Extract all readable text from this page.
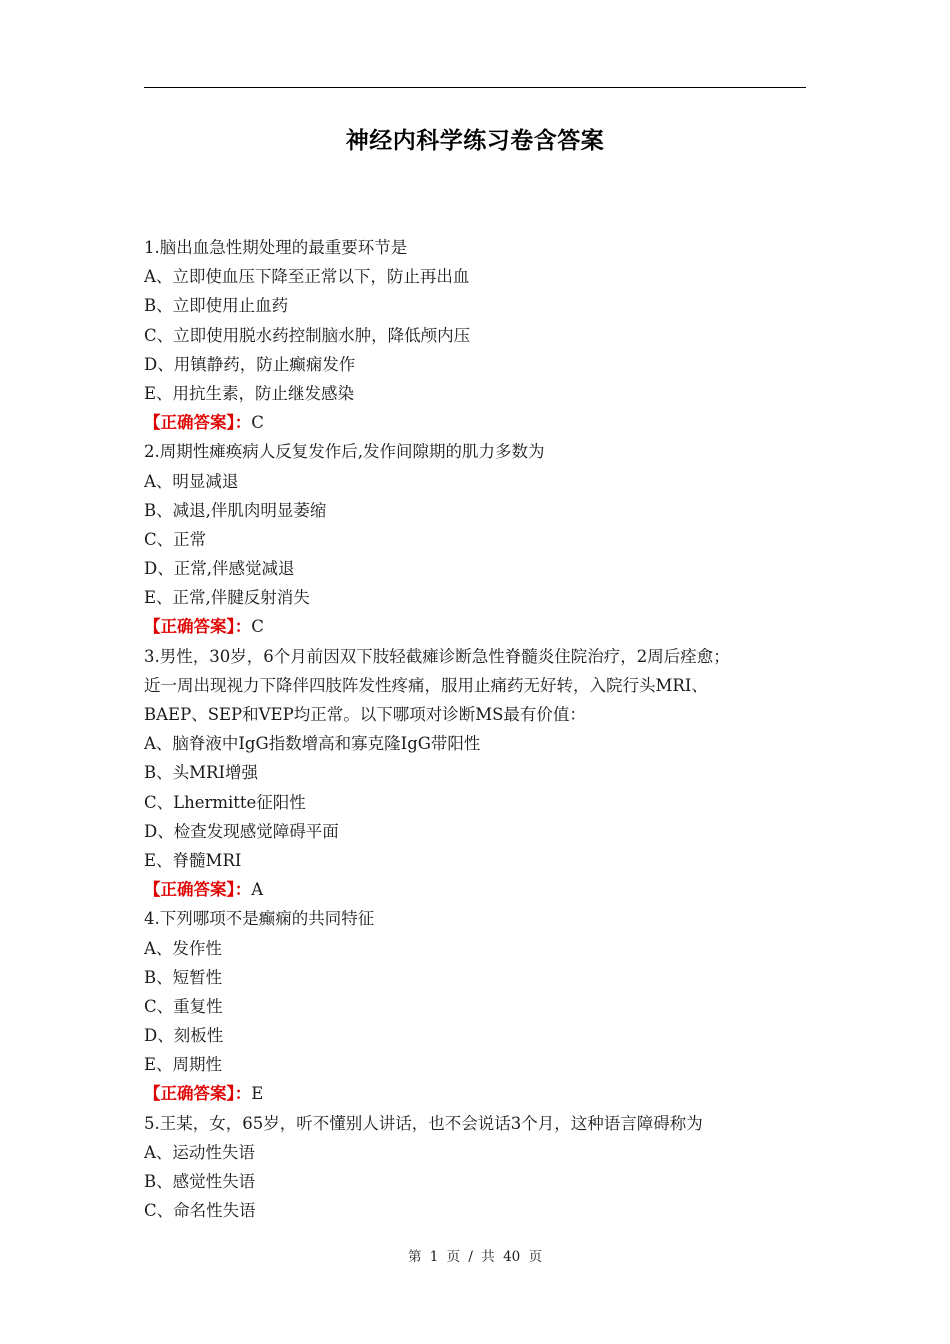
神经内科学练习卷含答案
1.脑出血急性期处理的最重要环节是
A、立即使血压下降至正常以下，防止再出血
B、立即使用止血药
C、立即使用脱水药控制脑水肿，降低颅内压
D、用镇静药，防止癫痫发作
E、用抗生素，防止继发感染
【正确答案】：C
2.周期性瘫痪病人反复发作后,发作间隙期的肌力多数为
A、明显减退
B、减退,伴肌肉明显萎缩
C、正常
D、正常,伴感觉减退
E、正常,伴腱反射消失
【正确答案】：C
3.男性，30岁，6个月前因双下肢轻截瘫诊断急性脊髓炎住院治疗，2周后痊愈；
近一周出现视力下降伴四肢阵发性疼痛，服用止痛药无好转，入院行头MRI、
BAEP、SEP和VEP均正常。以下哪项对诊断MS最有价值：
A、脑脊液中IgG指数增高和寡克隆IgG带阳性
B、头MRI增强
C、Lhermitte征阳性
D、检查发现感觉障碍平面
E、脊髓MRI
【正确答案】：A
4.下列哪项不是癫痫的共同特征
A、发作性
B、短暂性
C、重复性
D、刻板性
E、周期性
【正确答案】：E
5.王某，女，65岁，听不懂别人讲话，也不会说话3个月，这种语言障碍称为
A、运动性失语
B、感觉性失语
C、命名性失语
第 1 页 / 共 40 页
